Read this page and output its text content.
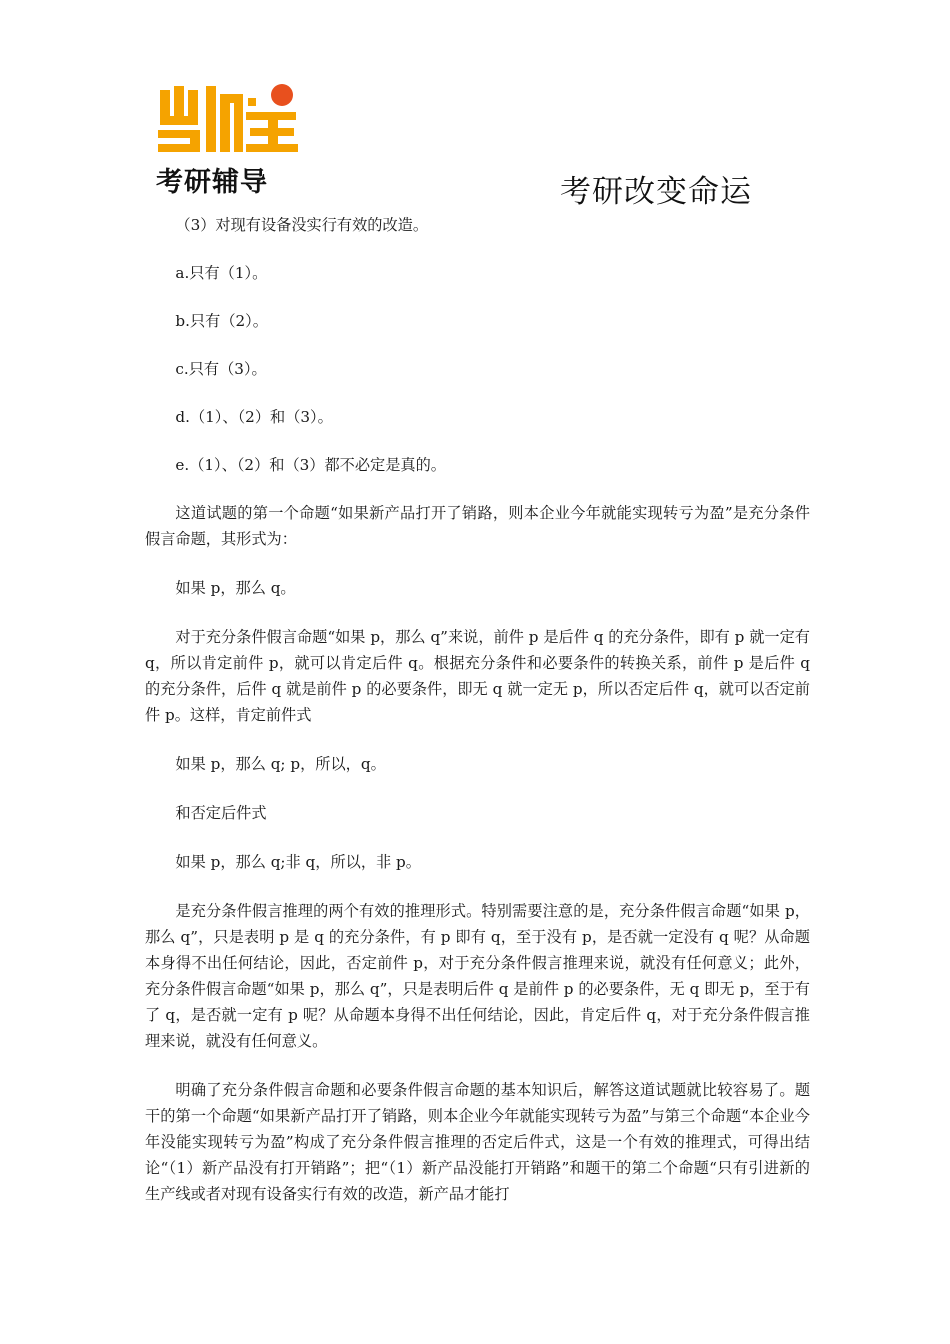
考研辅导	考研改变命运

（3）对现有设备没实行有效的改造。

a.只有（1）。

b.只有（2）。

c.只有（3）。

d.（1）、（2）和（3）。

e.（1）、（2）和（3）都不必定是真的。

这道试题的第一个命题“如果新产品打开了销路，则本企业今年就能实现转亏为盈”是充分条件假言命题，其形式为：

如果 p，那么 q。

对于充分条件假言命题“如果 p，那么 q”来说，前件 p 是后件 q 的充分条件，即有 p 就一定有 q，所以肯定前件 p，就可以肯定后件 q。根据充分条件和必要条件的转换关系，前件 p 是后件 q 的充分条件，后件 q 就是前件 p 的必要条件，即无 q 就一定无 p，所以否定后件 q，就可以否定前件 p。这样，肯定前件式

如果 p，那么 q; p，所以，q。

和否定后件式

如果 p，那么 q;非 q，所以，非 p。

是充分条件假言推理的两个有效的推理形式。特别需要注意的是，充分条件假言命题“如果 p，那么 q”，只是表明 p 是 q 的充分条件，有 p 即有 q，至于没有 p，是否就一定没有 q 呢？从命题本身得不出任何结论，因此，否定前件 p，对于充分条件假言推理来说，就没有任何意义；此外，充分条件假言命题“如果 p，那么 q”，只是表明后件 q 是前件 p 的必要条件，无 q 即无 p，至于有了 q，是否就一定有 p 呢？从命题本身得不出任何结论，因此，肯定后件 q，对于充分条件假言推理来说，就没有任何意义。

明确了充分条件假言命题和必要条件假言命题的基本知识后，解答这道试题就比较容易了。题干的第一个命题“如果新产品打开了销路，则本企业今年就能实现转亏为盈”与第三个命题“本企业今年没能实现转亏为盈”构成了充分条件假言推理的否定后件式，这是一个有效的推理式，可得出结论“（1）新产品没有打开销路”；把“（1）新产品没能打开销路”和题干的第二个命题“只有引进新的生产线或者对现有设备实行有效的改造，新产品才能打
